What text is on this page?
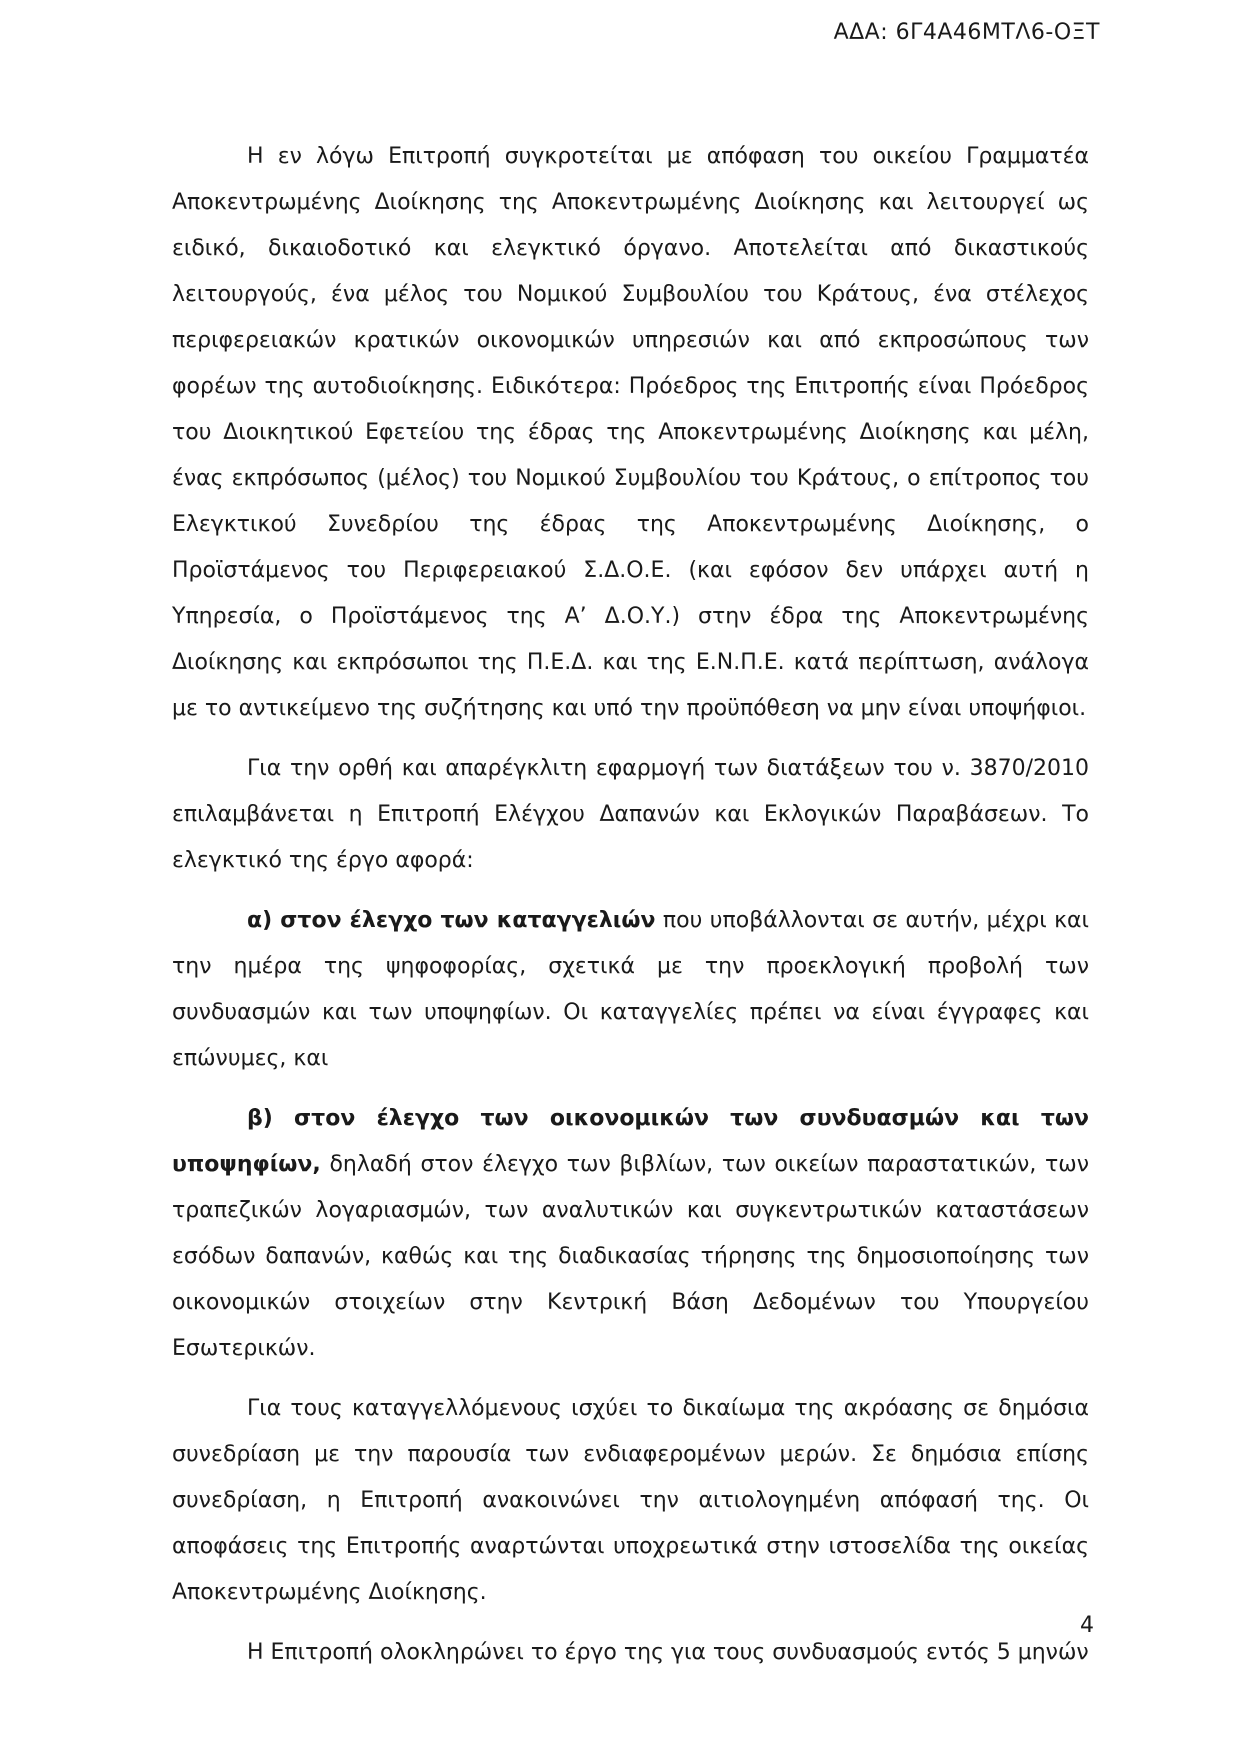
ΑΔΑ: 6Γ4Α46ΜΤΛ6-ΟΞΤ

Η εν λόγω Επιτροπή συγκροτείται με απόφαση του οικείου Γραμματέα Αποκεντρωμένης Διοίκησης της Αποκεντρωμένης Διοίκησης και λειτουργεί ως ειδικό, δικαιοδοτικό και ελεγκτικό όργανο. Αποτελείται από δικαστικούς λειτουργούς, ένα μέλος του Νομικού Συμβουλίου του Κράτους, ένα στέλεχος περιφερειακών κρατικών οικονομικών υπηρεσιών και από εκπροσώπους των φορέων της αυτοδιοίκησης. Ειδικότερα: Πρόεδρος της Επιτροπής είναι Πρόεδρος του Διοικητικού Εφετείου της έδρας της Αποκεντρωμένης Διοίκησης και μέλη, ένας εκπρόσωπος (μέλος) του Νομικού Συμβουλίου του Κράτους, ο επίτροπος του Ελεγκτικού Συνεδρίου της έδρας της Αποκεντρωμένης Διοίκησης, ο Προϊστάμενος του Περιφερειακού Σ.Δ.Ο.Ε. (και εφόσον δεν υπάρχει αυτή η Υπηρεσία, ο Προϊστάμενος της Α’ Δ.Ο.Υ.) στην έδρα της Αποκεντρωμένης Διοίκησης και εκπρόσωποι της Π.Ε.Δ. και της Ε.Ν.Π.Ε. κατά περίπτωση, ανάλογα με το αντικείμενο της συζήτησης και υπό την προϋπόθεση να μην είναι υποψήφιοι.

Για την ορθή και απαρέγκλιτη εφαρμογή των διατάξεων του ν. 3870/2010 επιλαμβάνεται η Επιτροπή Ελέγχου Δαπανών και Εκλογικών Παραβάσεων. Το ελεγκτικό της έργο αφορά:

α) στον έλεγχο των καταγγελιών που υποβάλλονται σε αυτήν, μέχρι και την ημέρα της ψηφοφορίας, σχετικά με την προεκλογική προβολή των συνδυασμών και των υποψηφίων. Οι καταγγελίες πρέπει να είναι έγγραφες και επώνυμες, και

β) στον έλεγχο των οικονομικών των συνδυασμών και των υποψηφίων, δηλαδή στον έλεγχο των βιβλίων, των οικείων παραστατικών, των τραπεζικών λογαριασμών, των αναλυτικών και συγκεντρωτικών καταστάσεων εσόδων δαπανών, καθώς και της διαδικασίας τήρησης της δημοσιοποίησης των οικονομικών στοιχείων στην Κεντρική Βάση Δεδομένων του Υπουργείου Εσωτερικών.

Για τους καταγγελλόμενους ισχύει το δικαίωμα της ακρόασης σε δημόσια συνεδρίαση με την παρουσία των ενδιαφερομένων μερών. Σε δημόσια επίσης συνεδρίαση, η Επιτροπή ανακοινώνει την αιτιολογημένη απόφασή της. Οι αποφάσεις της Επιτροπής αναρτώνται υποχρεωτικά στην ιστοσελίδα της οικείας Αποκεντρωμένης Διοίκησης.

Η Επιτροπή ολοκληρώνει το έργο της για τους συνδυασμούς εντός 5 μηνών

4
